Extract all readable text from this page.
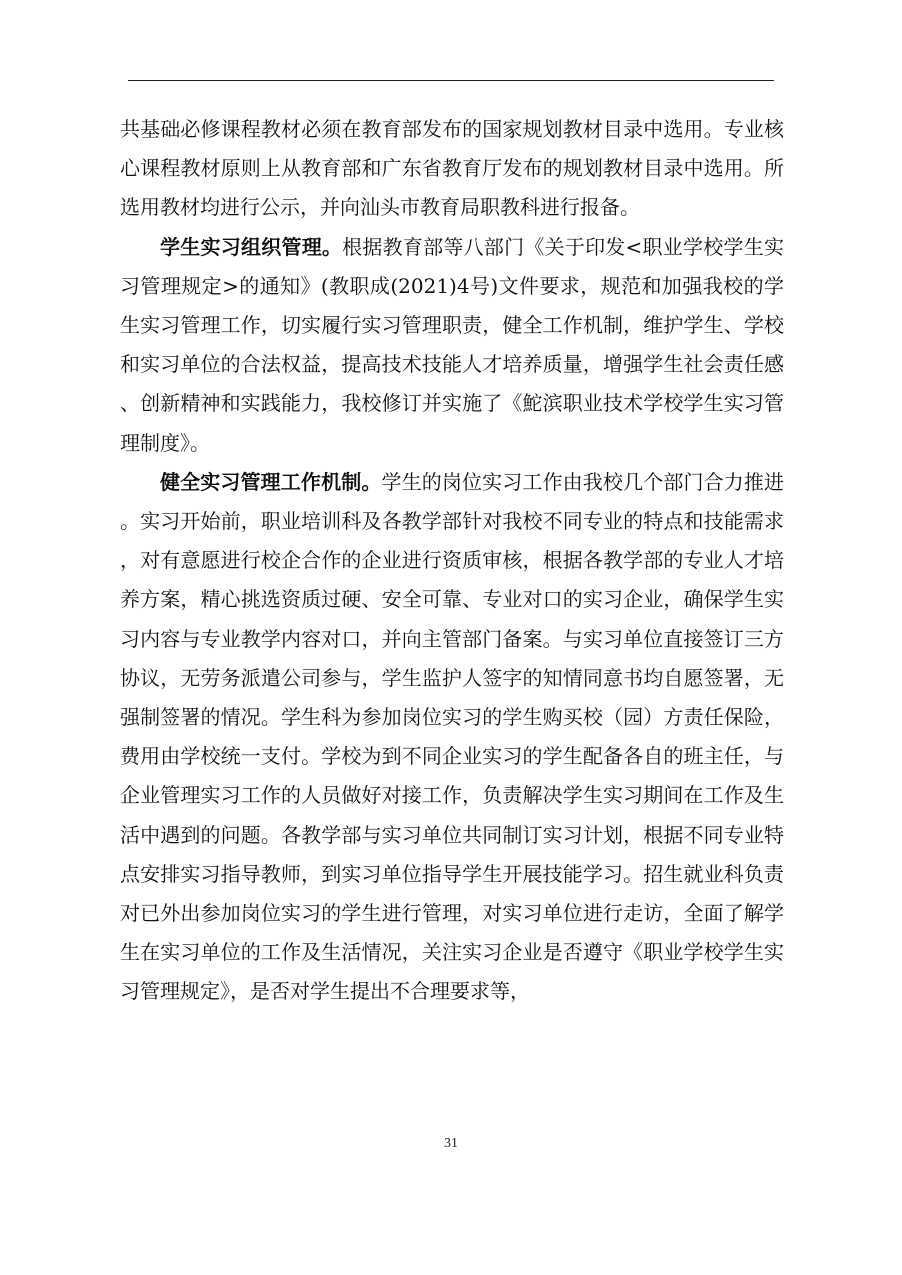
共基础必修课程教材必须在教育部发布的国家规划教材目录中选用。专业核心课程教材原则上从教育部和广东省教育厅发布的规划教材目录中选用。所选用教材均进行公示，并向汕头市教育局职教科进行报备。

学生实习组织管理。根据教育部等八部门《关于印发<职业学校学生实习管理规定>的通知》(教职成(2021)4号)文件要求，规范和加强我校的学生实习管理工作，切实履行实习管理职责，健全工作机制，维护学生、学校和实习单位的合法权益，提高技术技能人才培养质量，增强学生社会责任感、创新精神和实践能力，我校修订并实施了《鮀滨职业技术学校学生实习管理制度》。

健全实习管理工作机制。学生的岗位实习工作由我校几个部门合力推进。实习开始前，职业培训科及各教学部针对我校不同专业的特点和技能需求，对有意愿进行校企合作的企业进行资质审核，根据各教学部的专业人才培养方案，精心挑选资质过硬、安全可靠、专业对口的实习企业，确保学生实习内容与专业教学内容对口，并向主管部门备案。与实习单位直接签订三方协议，无劳务派遣公司参与，学生监护人签字的知情同意书均自愿签署，无强制签署的情况。学生科为参加岗位实习的学生购买校（园）方责任保险，费用由学校统一支付。学校为到不同企业实习的学生配备各自的班主任，与企业管理实习工作的人员做好对接工作，负责解决学生实习期间在工作及生活中遇到的问题。各教学部与实习单位共同制订实习计划，根据不同专业特点安排实习指导教师，到实习单位指导学生开展技能学习。招生就业科负责对已外出参加岗位实习的学生进行管理，对实习单位进行走访，全面了解学生在实习单位的工作及生活情况，关注实习企业是否遵守《职业学校学生实习管理规定》，是否对学生提出不合理要求等，

31
